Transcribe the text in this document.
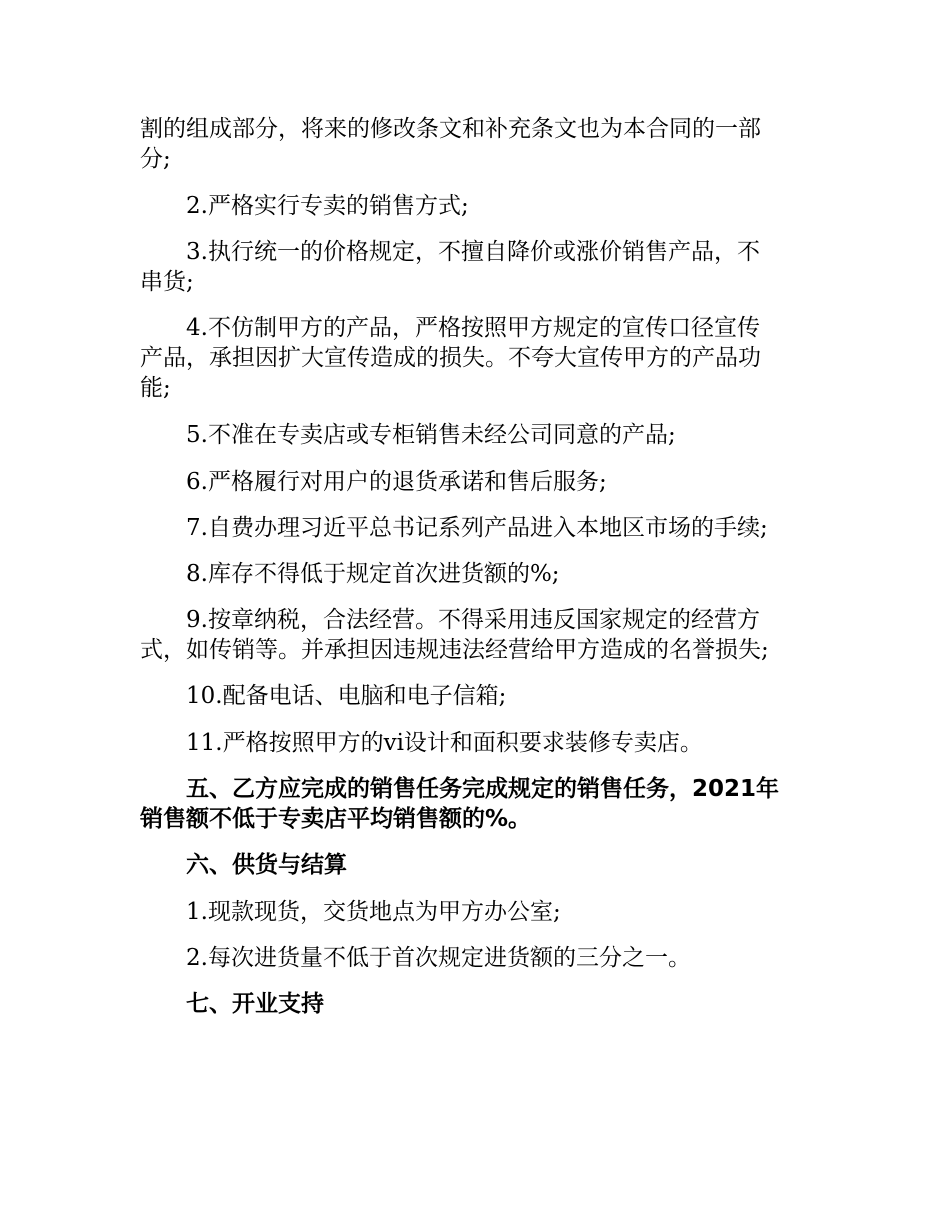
割的组成部分，将来的修改条文和补充条文也为本合同的一部
分;
2.严格实行专卖的销售方式;
3.执行统一的价格规定，不擅自降价或涨价销售产品，不
串货;
4.不仿制甲方的产品，严格按照甲方规定的宣传口径宣传
产品，承担因扩大宣传造成的损失。不夸大宣传甲方的产品功
能;
5.不准在专卖店或专柜销售未经公司同意的产品;
6.严格履行对用户的退货承诺和售后服务;
7.自费办理习近平总书记系列产品进入本地区市场的手续;
8.库存不得低于规定首次进货额的%;
9.按章纳税，合法经营。不得采用违反国家规定的经营方
式，如传销等。并承担因违规违法经营给甲方造成的名誉损失;
10.配备电话、电脑和电子信箱;
11.严格按照甲方的vi设计和面积要求装修专卖店。
五、乙方应完成的销售任务完成规定的销售任务，2021年
销售额不低于专卖店平均销售额的%。
六、供货与结算
1.现款现货，交货地点为甲方办公室;
2.每次进货量不低于首次规定进货额的三分之一。
七、开业支持
